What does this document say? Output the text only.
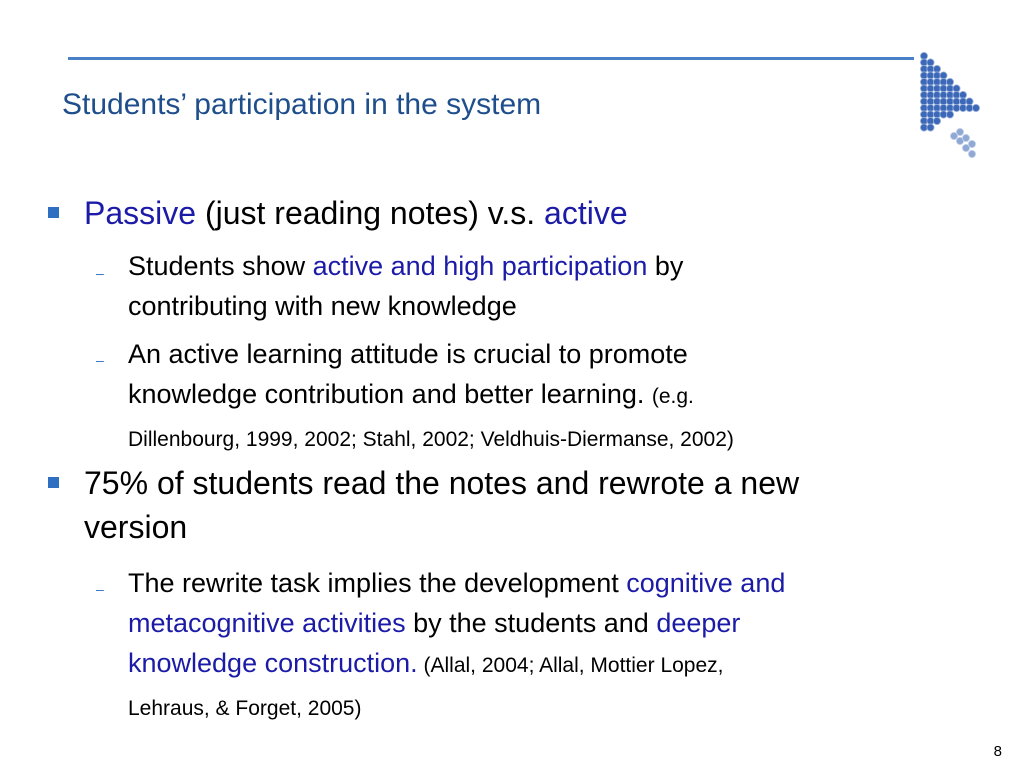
Students’ participation in the system
Passive (just reading notes) v.s. active
– Students show active and high participation by
contributing with new knowledge
– An active learning attitude is crucial to promote
knowledge contribution and better learning. (e.g.
Dillenbourg, 1999, 2002; Stahl, 2002; Veldhuis-Diermanse, 2002)
75% of students read the notes and rewrote a new
version
– The rewrite task implies the development cognitive and
metacognitive activities by the students and deeper
knowledge construction. (Allal, 2004; Allal, Mottier Lopez,
Lehraus, & Forget, 2005)
8
